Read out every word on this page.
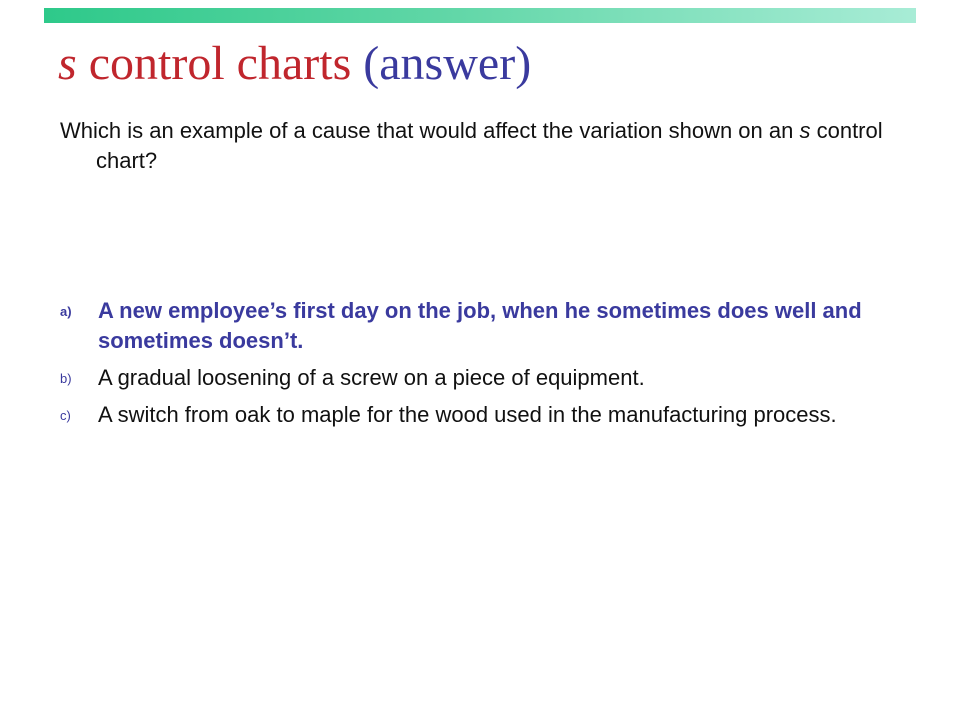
s control charts (answer)

Which is an example of a cause that would affect the variation shown on an s control chart?

a) A new employee’s first day on the job, when he sometimes does well and sometimes doesn’t.
b) A gradual loosening of a screw on a piece of equipment.
c) A switch from oak to maple for the wood used in the manufacturing process.
